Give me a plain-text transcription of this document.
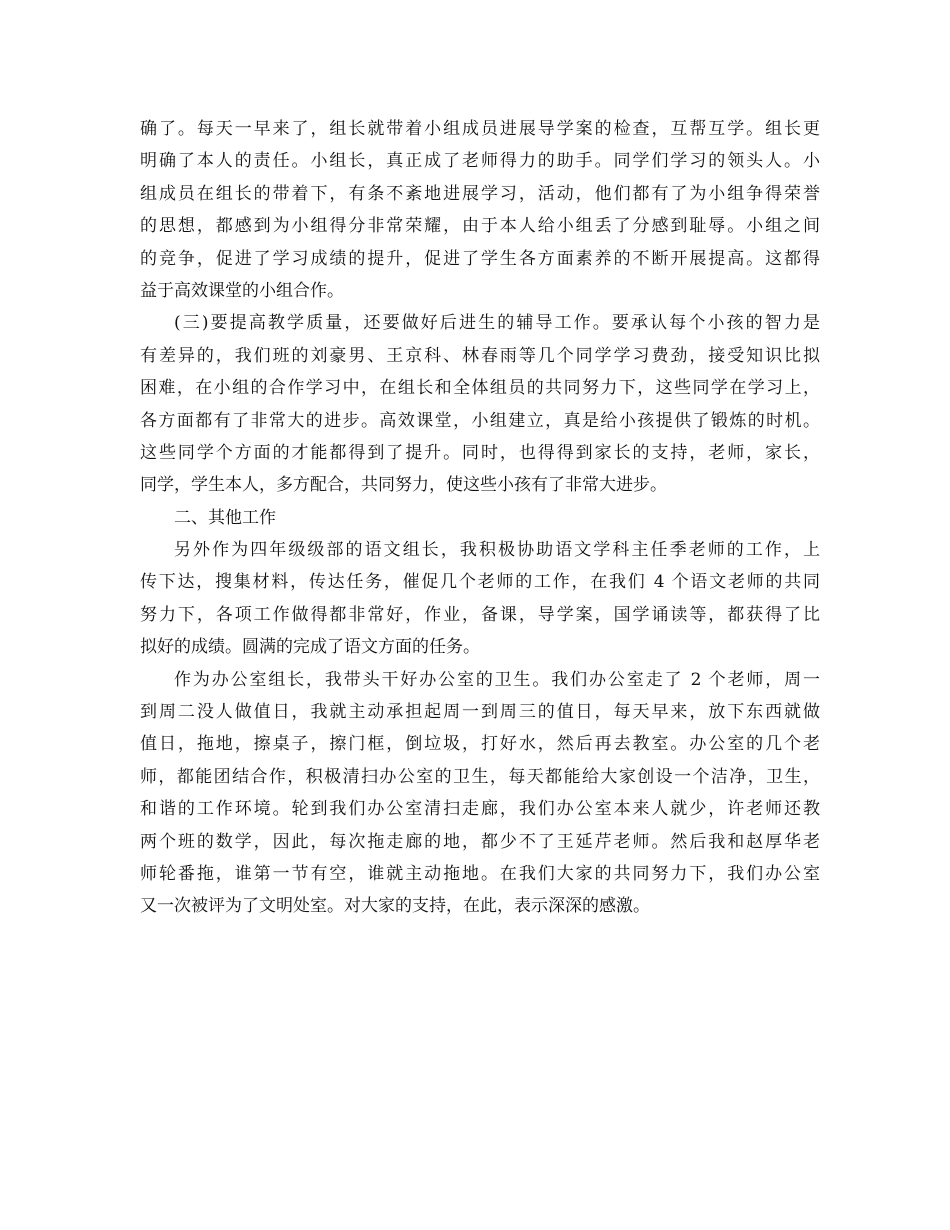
确了。每天一早来了，组长就带着小组成员进展导学案的检查，互帮互学。组长更
明确了本人的责任。小组长，真正成了老师得力的助手。同学们学习的领头人。小
组成员在组长的带着下，有条不紊地进展学习，活动，他们都有了为小组争得荣誉
的思想，都感到为小组得分非常荣耀，由于本人给小组丢了分感到耻辱。小组之间
的竞争，促进了学习成绩的提升，促进了学生各方面素养的不断开展提高。这都得
益于高效课堂的小组合作。
(三)要提高教学质量，还要做好后进生的辅导工作。要承认每个小孩的智力是
有差异的，我们班的刘豪男、王京科、林春雨等几个同学学习费劲，接受知识比拟
困难，在小组的合作学习中，在组长和全体组员的共同努力下，这些同学在学习上，
各方面都有了非常大的进步。高效课堂，小组建立，真是给小孩提供了锻炼的时机。
这些同学个方面的才能都得到了提升。同时，也得得到家长的支持，老师，家长，
同学，学生本人，多方配合，共同努力，使这些小孩有了非常大进步。
二、其他工作
另外作为四年级级部的语文组长，我积极协助语文学科主任季老师的工作，上
传下达，搜集材料，传达任务，催促几个老师的工作，在我们 4 个语文老师的共同
努力下，各项工作做得都非常好，作业，备课，导学案，国学诵读等，都获得了比
拟好的成绩。圆满的完成了语文方面的任务。
作为办公室组长，我带头干好办公室的卫生。我们办公室走了 2 个老师，周一
到周二没人做值日，我就主动承担起周一到周三的值日，每天早来，放下东西就做
值日，拖地，擦桌子，擦门框，倒垃圾，打好水，然后再去教室。办公室的几个老
师，都能团结合作，积极清扫办公室的卫生，每天都能给大家创设一个洁净，卫生，
和谐的工作环境。轮到我们办公室清扫走廊，我们办公室本来人就少，许老师还教
两个班的数学，因此，每次拖走廊的地，都少不了王延芹老师。然后我和赵厚华老
师轮番拖，谁第一节有空，谁就主动拖地。在我们大家的共同努力下，我们办公室
又一次被评为了文明处室。对大家的支持，在此，表示深深的感激。
